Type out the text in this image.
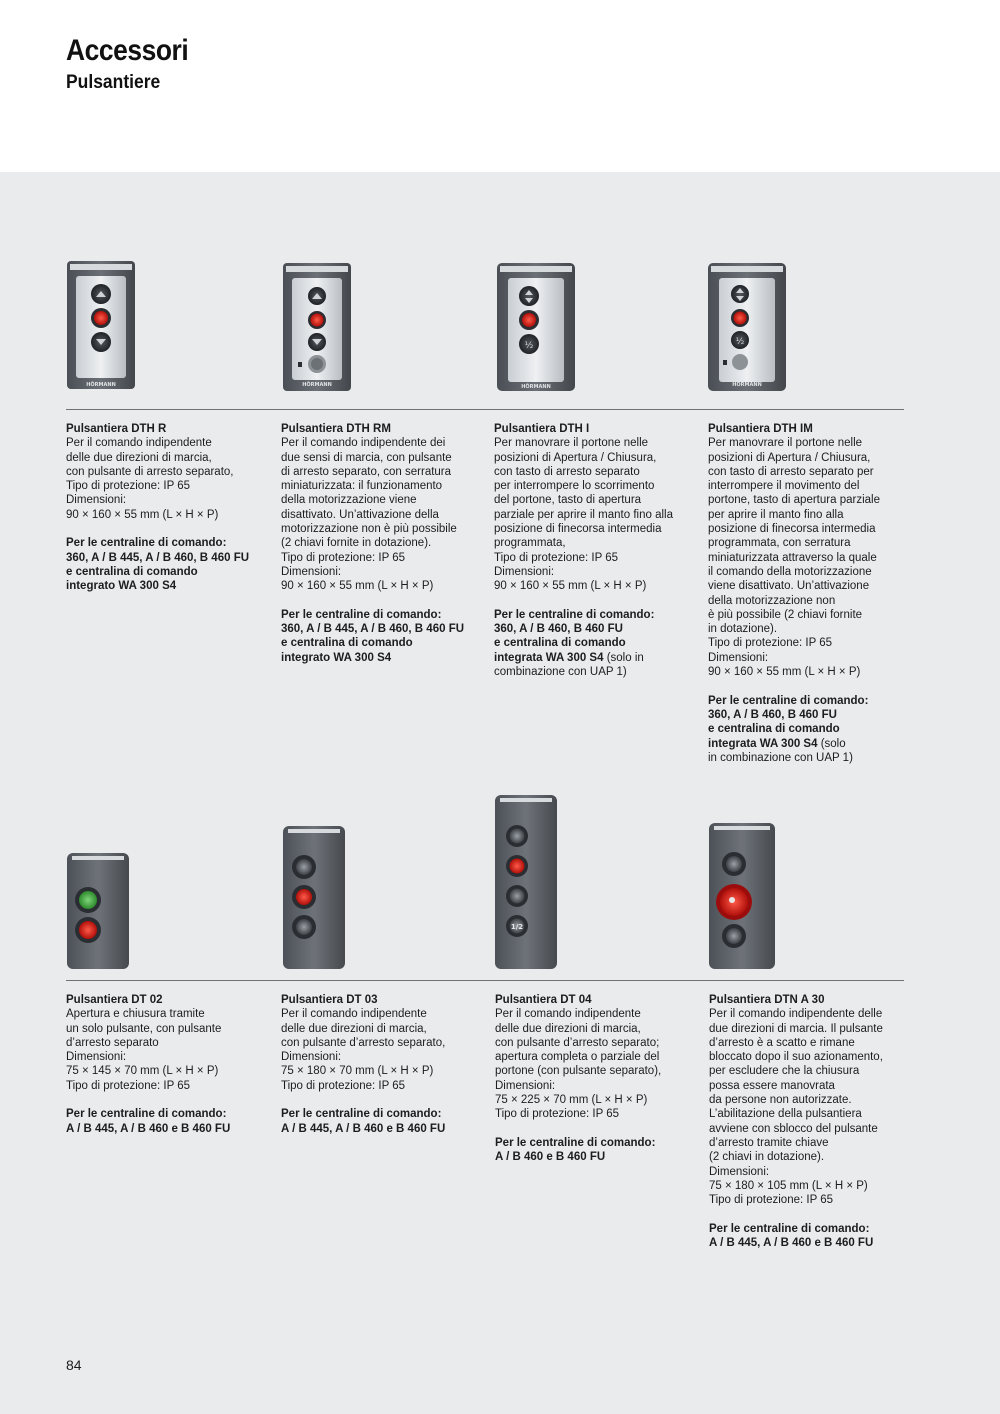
Accessori
Pulsantiere
HÖRMANN	HÖRMANN
½
HÖRMANN
½
HÖRMANN
Pulsantiera DTH R
Per il comando indipendente
delle due direzioni di marcia,
con pulsante di arresto separato,
Tipo di protezione: IP 65
Dimensioni:
90 × 160 × 55 mm (L × H × P)
Per le centraline di comando:
360, A / B 445, A / B 460, B 460 FU
e centralina di comando
integrato WA 300 S4
Pulsantiera DTH RM
Per il comando indipendente dei
due sensi di marcia, con pulsante
di arresto separato, con serratura
miniaturizzata: il funzionamento
della motorizzazione viene
disattivato. Un’attivazione della
motorizzazione non è più possibile
(2 chiavi fornite in dotazione).
Tipo di protezione: IP 65
Dimensioni:
90 × 160 × 55 mm (L × H × P)
Per le centraline di comando:
360, A / B 445, A / B 460, B 460 FU
e centralina di comando
integrato WA 300 S4
Pulsantiera DTH I
Per manovrare il portone nelle
posizioni di Apertura / Chiusura,
con tasto di arresto separato
per interrompere lo scorrimento
del portone, tasto di apertura
parziale per aprire il manto fino alla
posizione di finecorsa intermedia
programmata,
Tipo di protezione: IP 65
Dimensioni:
90 × 160 × 55 mm (L × H × P)
Per le centraline di comando:
360, A / B 460, B 460 FU
e centralina di comando
integrata WA 300 S4 (solo in
combinazione con UAP 1)
Pulsantiera DTH IM
Per manovrare il portone nelle
posizioni di Apertura / Chiusura,
con tasto di arresto separato per
interrompere il movimento del
portone, tasto di apertura parziale
per aprire il manto fino alla
posizione di finecorsa intermedia
programmata, con serratura
miniaturizzata attraverso la quale
il comando della motorizzazione
viene disattivato. Un’attivazione
della motorizzazione non
è più possibile (2 chiavi fornite
in dotazione).
Tipo di protezione: IP 65
Dimensioni:
90 × 160 × 55 mm (L × H × P)
Per le centraline di comando:
360, A / B 460, B 460 FU
e centralina di comando
integrata WA 300 S4 (solo
in combinazione con UAP 1)
1/2
Pulsantiera DT 02
Apertura e chiusura tramite
un solo pulsante, con pulsante
d’arresto separato
Dimensioni:
75 × 145 × 70 mm (L × H × P)
Tipo di protezione: IP 65
Per le centraline di comando:
A / B 445, A / B 460 e B 460 FU
Pulsantiera DT 03
Per il comando indipendente
delle due direzioni di marcia,
con pulsante d’arresto separato,
Dimensioni:
75 × 180 × 70 mm (L × H × P)
Tipo di protezione: IP 65
Per le centraline di comando:
A / B 445, A / B 460 e B 460 FU
Pulsantiera DT 04
Per il comando indipendente
delle due direzioni di marcia,
con pulsante d’arresto separato;
apertura completa o parziale del
portone (con pulsante separato),
Dimensioni:
75 × 225 × 70 mm (L × H × P)
Tipo di protezione: IP 65
Per le centraline di comando:
A / B 460 e B 460 FU
Pulsantiera DTN A 30
Per il comando indipendente delle
due direzioni di marcia. Il pulsante
d’arresto è a scatto e rimane
bloccato dopo il suo azionamento,
per escludere che la chiusura
possa essere manovrata
da persone non autorizzate.
L’abilitazione della pulsantiera
avviene con sblocco del pulsante
d’arresto tramite chiave
(2 chiavi in dotazione).
Dimensioni:
75 × 180 × 105 mm (L × H × P)
Tipo di protezione: IP 65
Per le centraline di comando:
A / B 445, A / B 460 e B 460 FU
84
